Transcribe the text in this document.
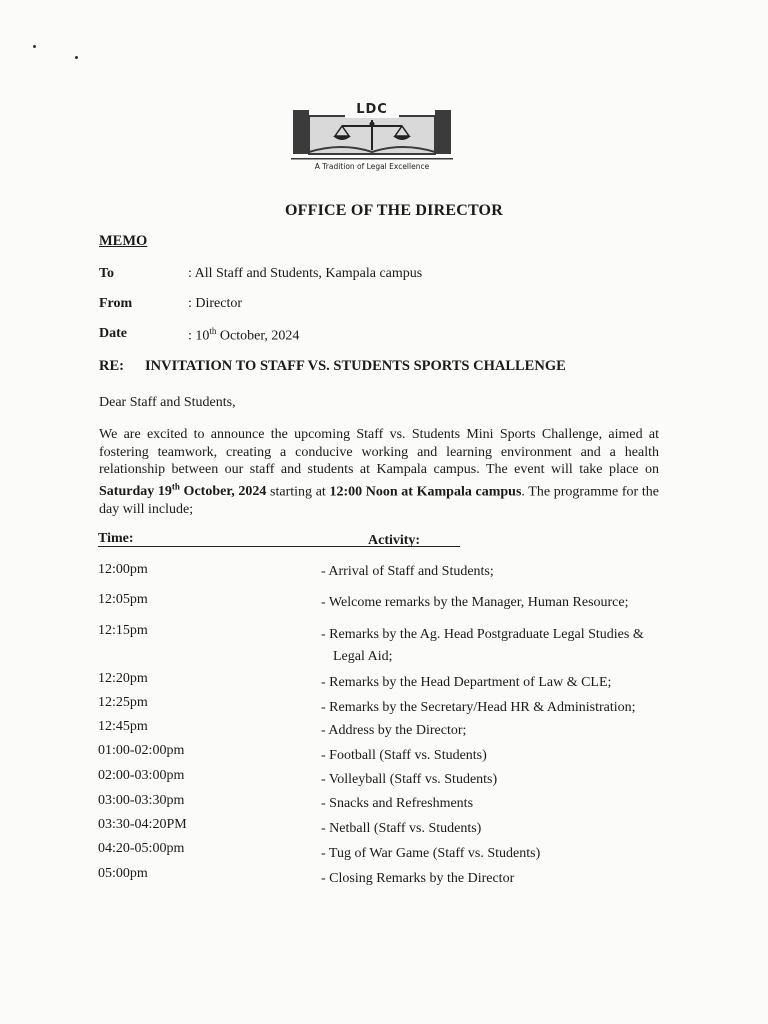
LDC
A Tradition of Legal Excellence
OFFICE OF THE DIRECTOR
MEMO
To	: All Staff and Students, Kampala campus
From	: Director
Date	: 10th October, 2024
RE: INVITATION TO STAFF VS. STUDENTS SPORTS CHALLENGE
Dear Staff and Students,
We are excited to announce the upcoming Staff vs. Students Mini Sports Challenge, aimed at fostering teamwork, creating a conducive working and learning environment and a health relationship between our staff and students at Kampala campus. The event will take place on Saturday 19th October, 2024 starting at 12:00 Noon at Kampala campus. The programme for the day will include;
Time:	Activity:
12:00pm	- Arrival of Staff and Students;
12:05pm	- Welcome remarks by the Manager, Human Resource;
12:15pm	- Remarks by the Ag. Head Postgraduate Legal Studies &
Legal Aid;
12:20pm	- Remarks by the Head Department of Law & CLE;
12:25pm	- Remarks by the Secretary/Head HR & Administration;
12:45pm	- Address by the Director;
01:00-02:00pm	- Football (Staff vs. Students)
02:00-03:00pm	- Volleyball (Staff vs. Students)
03:00-03:30pm	- Snacks and Refreshments
03:30-04:20PM	- Netball (Staff vs. Students)
04:20-05:00pm	- Tug of War Game (Staff vs. Students)
05:00pm	- Closing Remarks by the Director
